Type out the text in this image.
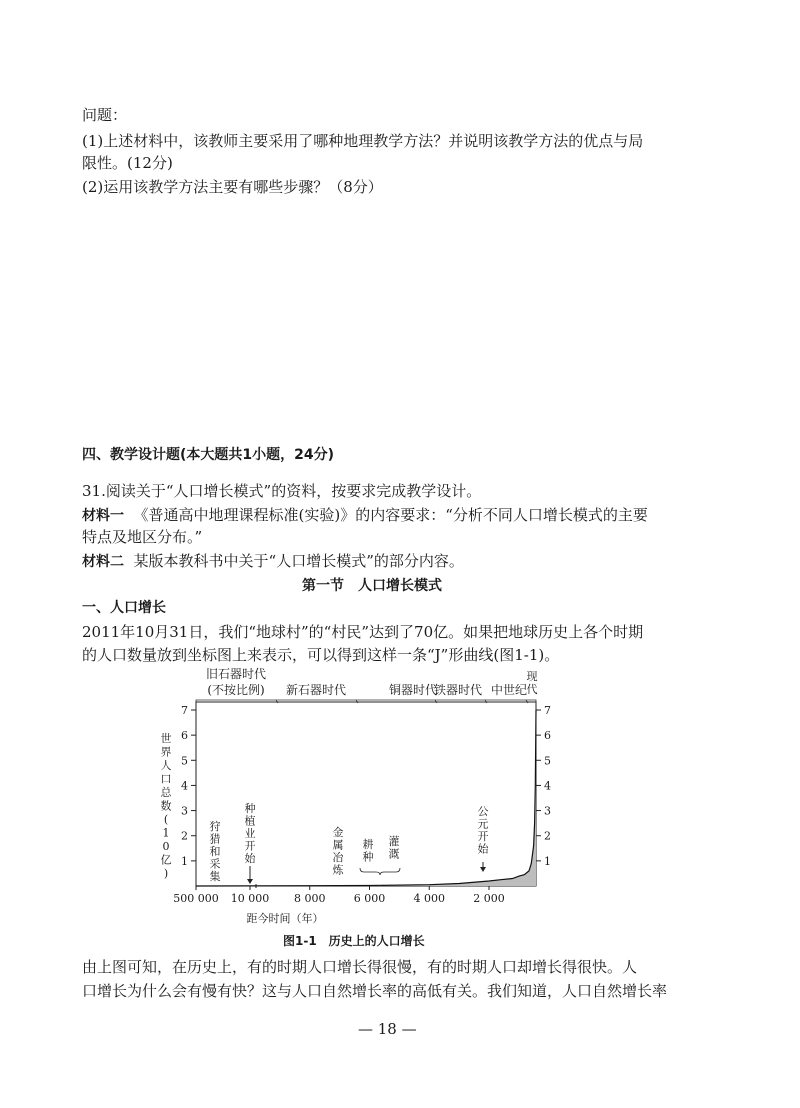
问题：
(1)上述材料中，该教师主要采用了哪种地理教学方法？并说明该教学方法的优点与局
限性。(12分)
(2)运用该教学方法主要有哪些步骤？（8分）
四、教学设计题(本大题共1小题，24分)
31.阅读关于“人口增长模式”的资料，按要求完成教学设计。
材料一 《普通高中地理课程标准(实验)》的内容要求：“分析不同人口增长模式的主要
特点及地区分布。”
材料二 某版本教科书中关于“人口增长模式”的部分内容。
第一节　人口增长模式
一、人口增长
2011年10月31日，我们“地球村”的“村民”达到了70亿。如果把地球历史上各个时期
的人口数量放到坐标图上来表示，可以得到这样一条“J”形曲线(图1-1)。
旧石器时代
(不按比例) 新石器时代	铜器时代
铁器时代 中世纪
现代
1	1
2	2
3	3
4	4
5	5
6	6
7	7
500 000 10 000 8 000	6 000	4 000	2 000
世界人口总数( 1 0 亿)
狩猎和采集
种植业开始
金属冶炼
耕种
灌溉
公元开始
距今时间（年）
图1-1　历史上的人口增长
由上图可知，在历史上，有的时期人口增长得很慢，有的时期人口却增长得很快。人
口增长为什么会有慢有快？这与人口自然增长率的高低有关。我们知道，人口自然增长率
— 18 —
